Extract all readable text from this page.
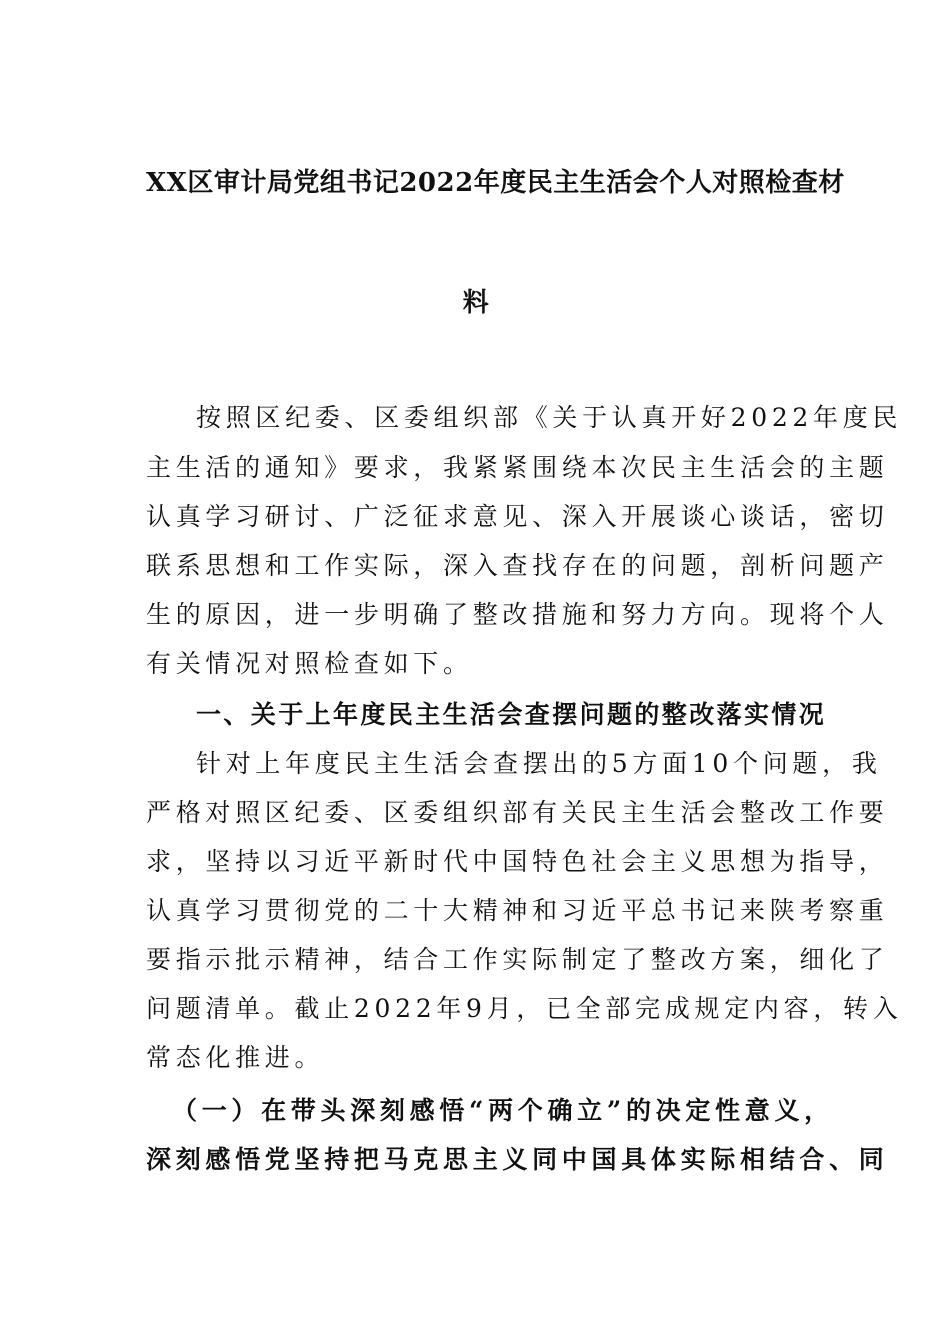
XX区审计局党组书记2022年度民主生活会个人对照检查材
料
按照区纪委、区委组织部《关于认真开好2022年度民
主生活的通知》要求，我紧紧围绕本次民主生活会的主题
认真学习研讨、广泛征求意见、深入开展谈心谈话，密切
联系思想和工作实际，深入查找存在的问题，剖析问题产
生的原因，进一步明确了整改措施和努力方向。现将个人
有关情况对照检查如下。
一、关于上年度民主生活会查摆问题的整改落实情况
针对上年度民主生活会查摆出的5方面10个问题，我
严格对照区纪委、区委组织部有关民主生活会整改工作要
求，坚持以习近平新时代中国特色社会主义思想为指导，
认真学习贯彻党的二十大精神和习近平总书记来陕考察重
要指示批示精神，结合工作实际制定了整改方案，细化了
问题清单。截止2022年9月，已全部完成规定内容，转入
常态化推进。
（一）在带头深刻感悟“两个确立”的决定性意义，
深刻感悟党坚持把马克思主义同中国具体实际相结合、同
